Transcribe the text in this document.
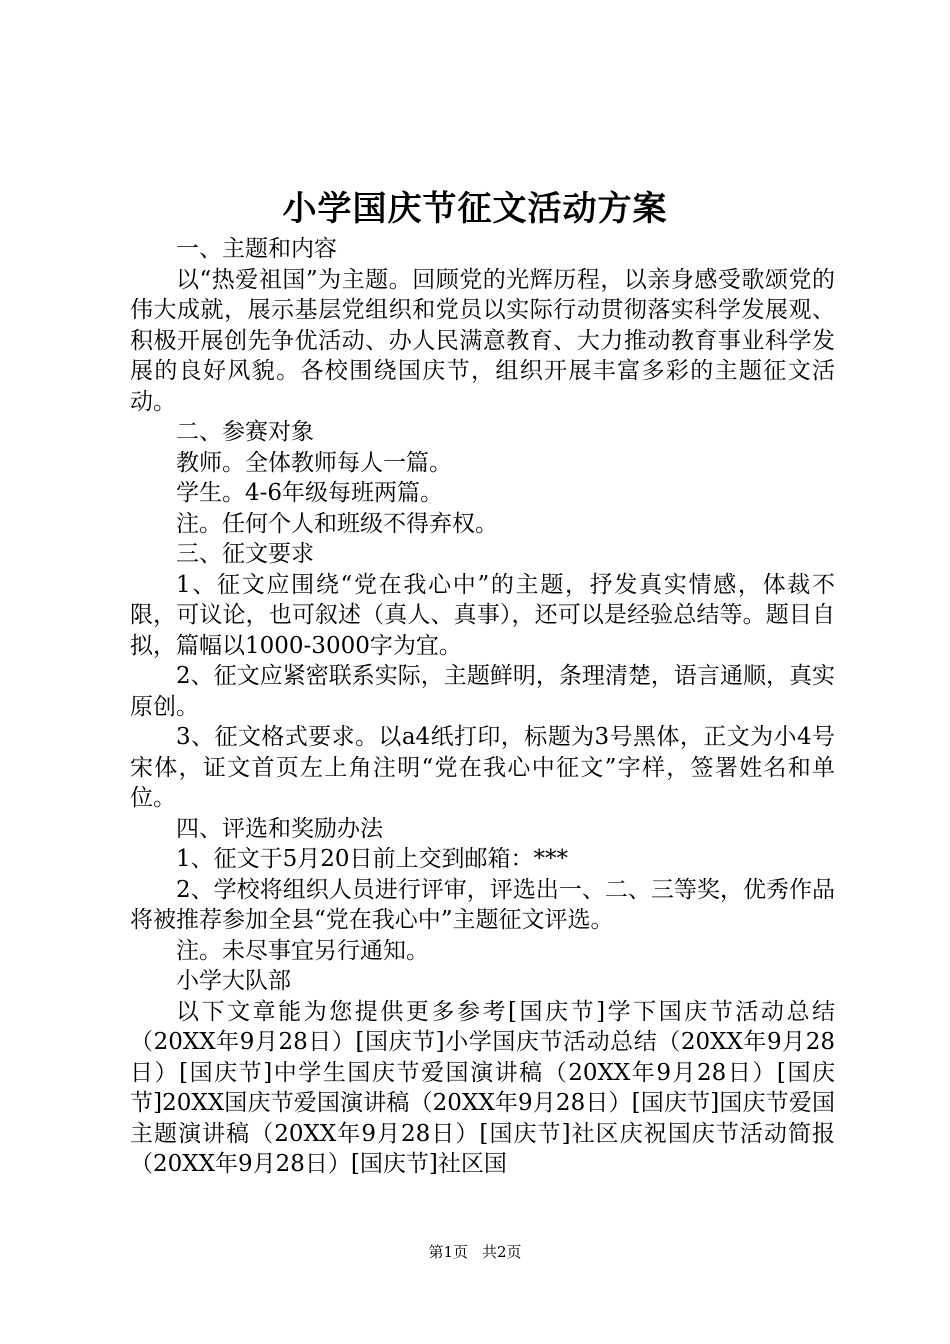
小学国庆节征文活动方案

一、主题和内容

以“热爱祖国”为主题。回顾党的光辉历程，以亲身感受歌颂党的伟大成就，展示基层党组织和党员以实际行动贯彻落实科学发展观、积极开展创先争优活动、办人民满意教育、大力推动教育事业科学发展的良好风貌。各校围绕国庆节，组织开展丰富多彩的主题征文活动。

二、参赛对象

教师。全体教师每人一篇。

学生。4-6年级每班两篇。

注。任何个人和班级不得弃权。

三、征文要求

1、征文应围绕“党在我心中”的主题，抒发真实情感，体裁不限，可议论，也可叙述（真人、真事），还可以是经验总结等。题目自拟，篇幅以1000-3000字为宜。

2、征文应紧密联系实际，主题鲜明，条理清楚，语言通顺，真实原创。

3、征文格式要求。以a4纸打印，标题为3号黑体，正文为小4号宋体，证文首页左上角注明“党在我心中征文”字样，签署姓名和单位。

四、评选和奖励办法

1、征文于5月20日前上交到邮箱：***

2、学校将组织人员进行评审，评选出一、二、三等奖，优秀作品将被推荐参加全县“党在我心中”主题征文评选。

注。未尽事宜另行通知。

小学大队部

以下文章能为您提供更多参考[国庆节]学下国庆节活动总结（20XX年9月28日）[国庆节]小学国庆节活动总结（20XX年9月28日）[国庆节]中学生国庆节爱国演讲稿（20XX年9月28日）[国庆节]20XX国庆节爱国演讲稿（20XX年9月28日）[国庆节]国庆节爱国主题演讲稿（20XX年9月28日）[国庆节]社区庆祝国庆节活动简报（20XX年9月28日）[国庆节]社区国

第1页 共2页
